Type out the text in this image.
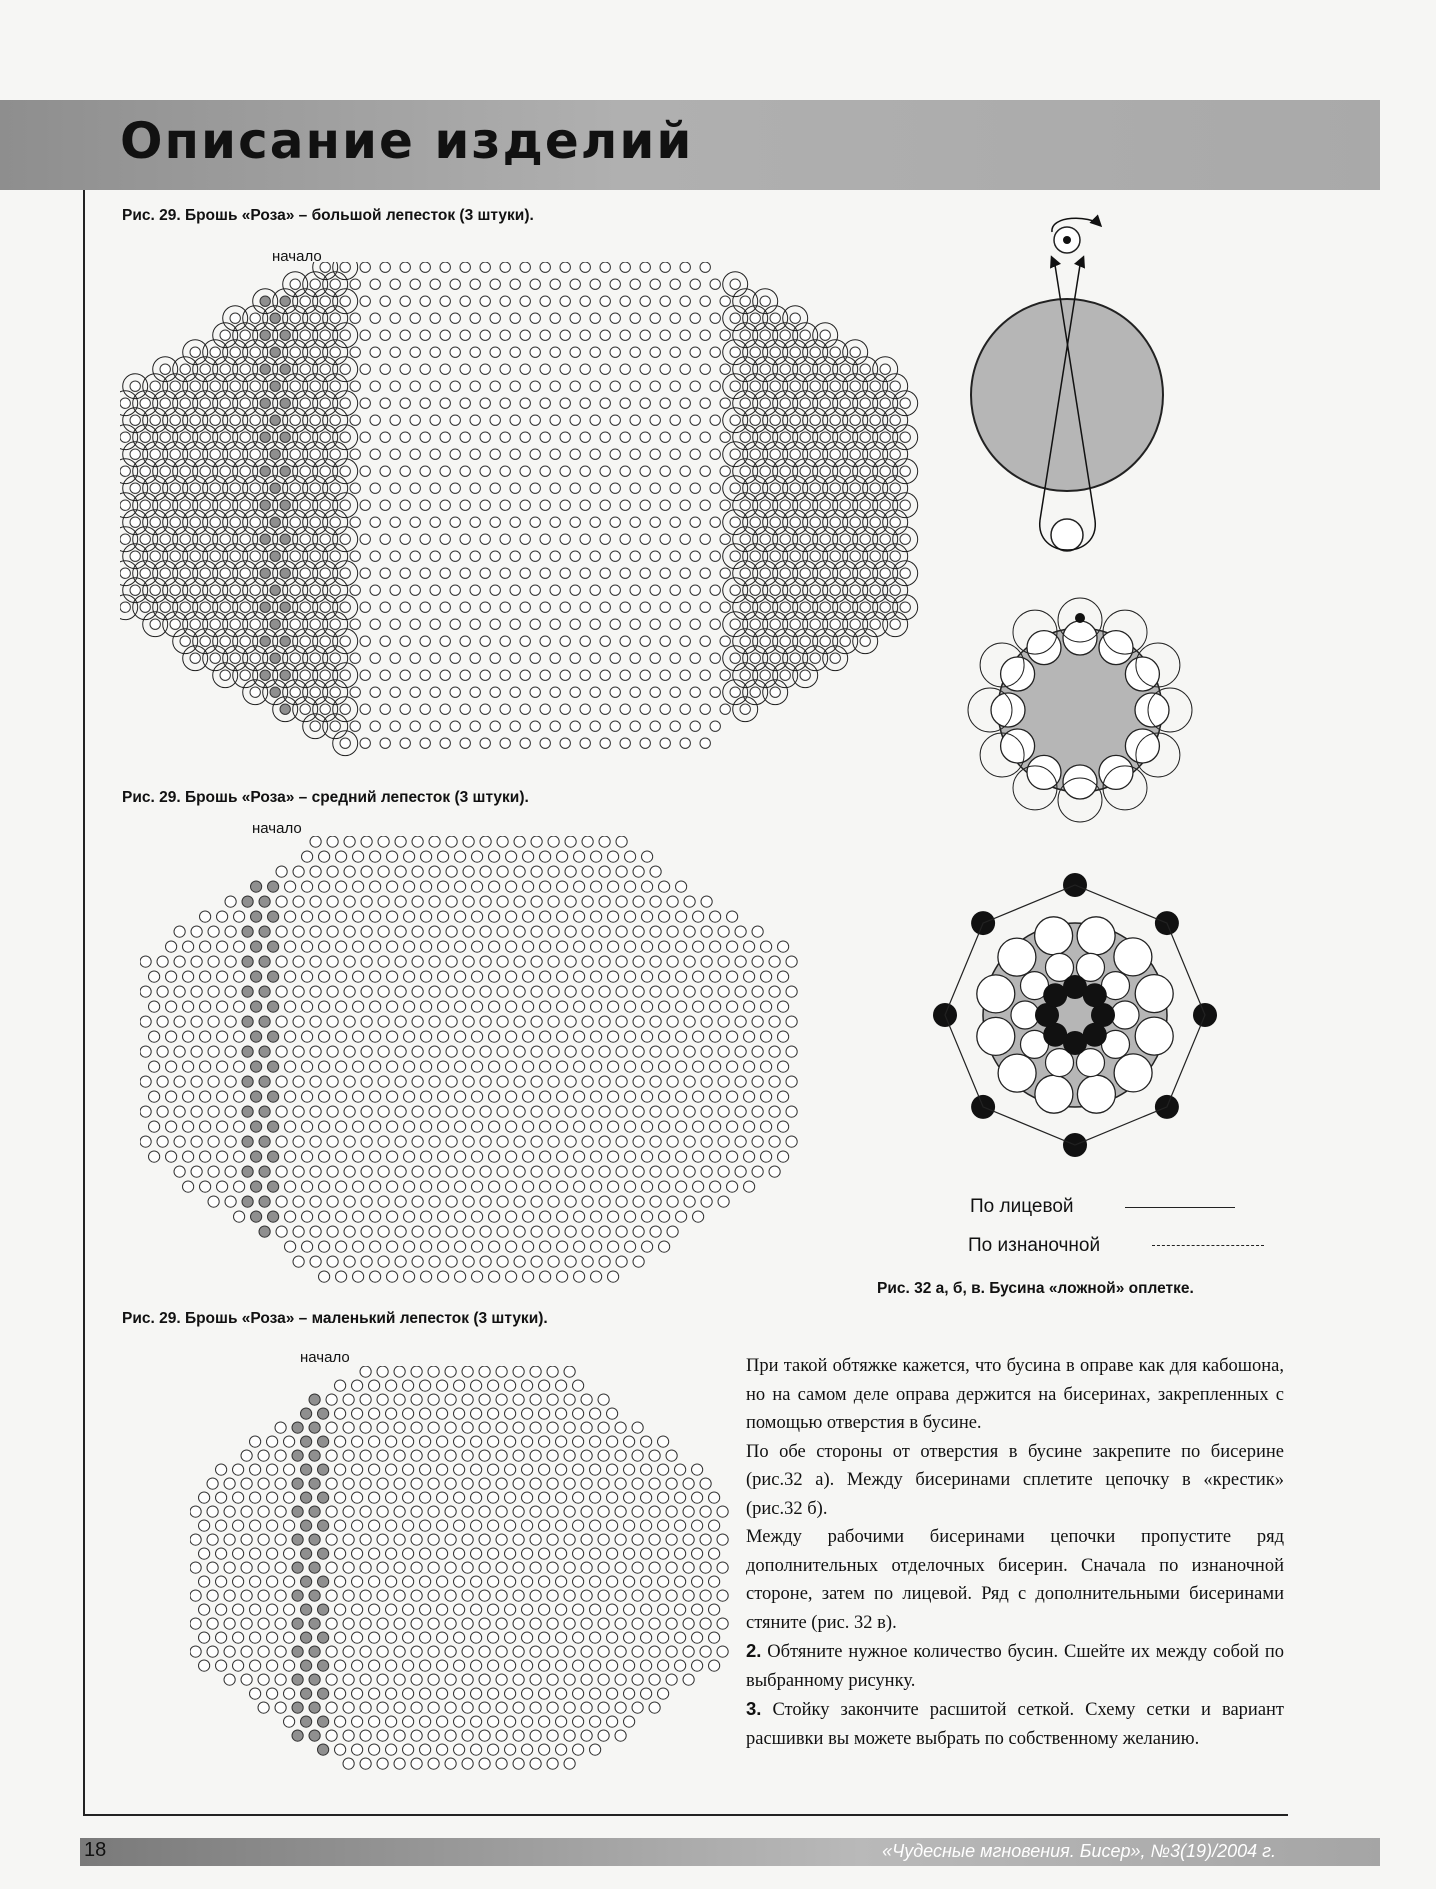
Описание изделий
Рис. 29. Брошь «Роза» – большой лепесток (3 штуки).
начало
Рис. 29. Брошь «Роза» – средний лепесток (3 штуки).
начало
Рис. 29. Брошь «Роза» – маленький лепесток (3 штуки).
начало
По лицевой
По изнаночной
Рис. 32 а, б, в. Бусина «ложной» оплетке.

При такой обтяжке кажется, что бусина в оправе как для кабошона, но на самом деле оправа держится на бисеринах, закрепленных с помощью отверстия в бусине.

По обе стороны от отверстия в бусине закрепите по бисерине (рис.32 а). Между бисеринами сплетите цепочку в «крестик» (рис.32 б).

Между рабочими бисеринами цепочки пропустите ряд дополнительных отделочных бисерин. Сначала по изнаночной стороне, затем по лицевой. Ряд с дополнительными бисеринами стяните (рис. 32 в).

2. Обтяните нужное количество бусин. Сшейте их между собой по выбранному рисунку.

3. Стойку закончите расшитой сеткой. Схему сетки и вариант расшивки вы можете выбрать по собственному желанию.

18	«Чудесные мгновения. Бисер», №3(19)/2004 г.
